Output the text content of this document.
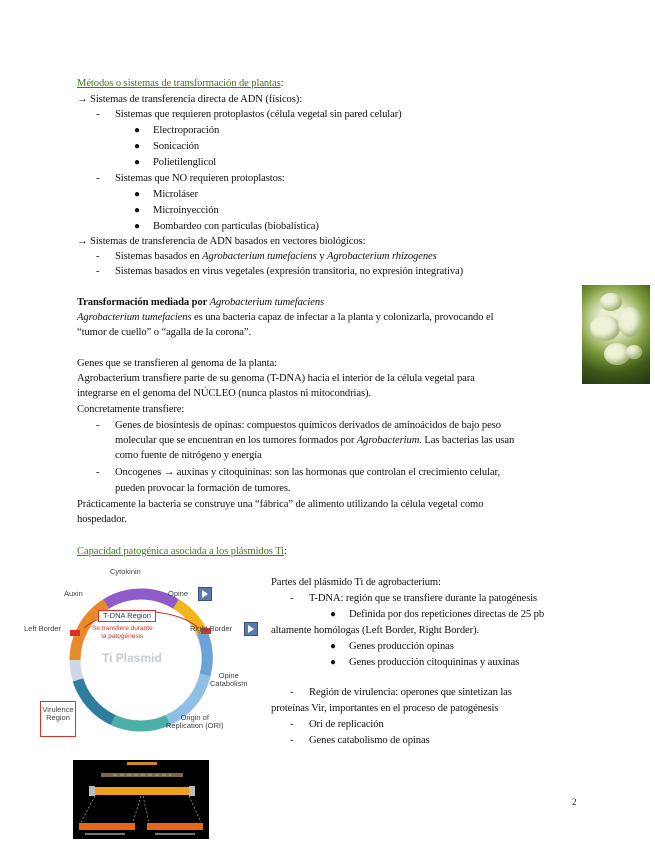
Métodos o sistemas de transformación de plantas:
→ Sistemas de transferencia directa de ADN (físicos):
- Sistemas que requieren protoplastos (célula vegetal sin pared celular)
● Electroporación
● Sonicación
● Polietilenglicol
- Sistemas que NO requieren protoplastos:
● Microláser
● Microinyección
● Bombardeo con partículas (biobalística)
→ Sistemas de transferencia de ADN basados en vectores biológicos:
- Sistemas basados en Agrobacterium tumefaciens y Agrobacterium rhizogenes
- Sistemas basados en virus vegetales (expresión transitoria, no expresión integrativa)
Transformación mediada por Agrobacterium tumefaciens
Agrobacterium tumefaciens es una bacteria capaz de infectar a la planta y colonizarla, provocando el
“tumor de cuello” o “agalla de la corona”.
Genes que se transfieren al genoma de la planta:
Agrobacterium transfiere parte de su genoma (T-DNA) hacia el interior de la célula vegetal para
integrarse en el genoma del NÚCLEO (nunca plastos ni mitocondrias).
Concretamente transfiere:
- Genes de biosíntesis de opinas: compuestos químicos derivados de aminoácidos de bajo peso
molecular que se encuentran en los tumores formados por Agrobacterium. Las bacterias las usan
como fuente de nitrógeno y energía
- Oncogenes → auxinas y citoquininas: son las hormonas que controlan el crecimiento celular,
pueden provocar la formación de tumores.
Prácticamente la bacteria se construye una “fábrica” de alimento utilizando la célula vegetal como
hospedador.
Capacidad patogénica asociada a los plásmidos Ti:
Cytokinin
Auxin	Opine
T-DNA Region
Se transfiere durante
la patogénesis
Left Border	Right Border
Ti Plasmid
Opine
Catabolism
Origin of
Replication (ORI)
Virulence
Region
Partes del plásmido Ti de agrobacterium:
- T-DNA: región que se transfiere durante la patogénesis
● Definida por dos repeticiones directas de 25 pb
altamente homólogas (Left Border, Right Border).
● Genes producción opinas
● Genes producción citoquininas y auxinas
- Región de virulencia: operones que sintetizan las
proteínas Vir, importantes en el proceso de patogénesis
- Ori de replicación
- Genes catabolismo de opinas
2
